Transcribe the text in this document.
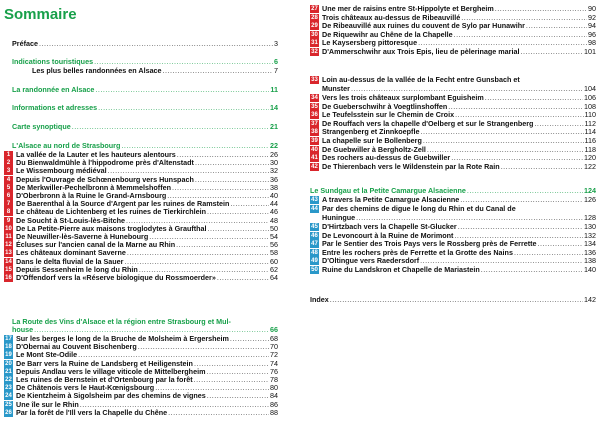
Sommaire
Préface .....	3
Indications touristiques .....	6
Les plus belles randonnées en Alsace .....	7
La randonnée en Alsace .....	11
Informations et adresses .....	14
Carte synoptique .....	21
L'Alsace au nord de Strasbourg .....	22
1 La vallée de la Lauter et les hauteurs alentours .....	26
2 Du Bienwaldmühle à l'hippodrome près d'Altenstadt .....	30
3 Le Wissembourg médiéval .....	32
4 Depuis l'Ouvrage de Schœnenbourg vers Hunspach .....	36
5 De Merkwiller-Pechelbronn à Memmelshoffen .....	38
6 D'Oberbronn à la Ruine le Grand-Arnsbourg .....	40
7 De Baerenthal à la Source d'Argent par les ruines de Ramstein .....	44
8 Le château de Lichtenberg et les ruines de Tierkirchlein .....	46
9 De Soucht à St-Louis-lès-Bitche .....	48
10 De La Petite-Pierre aux maisons troglodytes à Graufthal .....	50
11 De Neuwiller-lès-Saverne à Hunebourg .....	54
12 Écluses sur l'ancien canal de la Marne au Rhin .....	56
13 Les châteaux dominant Saverne .....	58
14 Dans le delta fluvial de la Sauer .....	60
15 Depuis Sessenheim le long du Rhin .....	62
16 D'Offendorf vers la «Réserve biologique du Rossmoerder» .....	64
La Route des Vins d'Alsace et la région entre Strasbourg et Mul-
house .....	66
17 Sur les berges le long de la Bruche de Molsheim à Ergersheim .....	68
18 D'Obernai au Couvent Bischenberg .....	70
19 Le Mont Ste-Odile .....	72
20 De Barr vers la Ruine de Landsberg et Heiligenstein .....	74
21 Depuis Andlau vers le village viticole de Mittelbergheim .....	76
22 Les ruines de Bernstein et d'Ortenbourg par la forêt .....	78
23 De Châtenois vers le Haut-Kœnigsbourg .....	80
24 De Kientzheim à Sigolsheim par des chemins de vignes .....	84
25 Une île sur le Rhin .....	86
26 Par la forêt de l'Ill vers la Chapelle du Chêne .....	88
27 Une mer de raisins entre St-Hippolyte et Bergheim .....	90
28 Trois châteaux au-dessus de Ribeauvillé .....	92
29 De Ribeauvillé aux ruines du couvent de Sylo par Hunawihr .....	94
30 De Riquewihr au Chêne de la Chapelle .....	96
31 Le Kaysersberg pittoresque .....	98
32 D'Ammerschwihr aux Trois Epis, lieu de pèlerinage marial .....	101
33 Loin au-dessus de la vallée de la Fecht entre Gunsbach et
Munster .....	104
34 Vers les trois châteaux surplombant Eguisheim .....	106
35 De Gueberschwihr à Voegtlinshoffen .....	108
36 Le Teufelsstein sur le Chemin de Croix .....	110
37 De Rouffach vers la chapelle d'Oelberg et sur le Strangenberg .....	112
38 Strangenberg et Zinnkoepfle .....	114
39 La chapelle sur le Bollenberg .....	116
40 De Guebwiller à Bergholtz-Zell .....	118
41 Des rochers au-dessus de Guebwiller .....	120
42 De Thierenbach vers le Wildenstein par la Rote Rain .....	122
Le Sundgau et la Petite Camargue Alsacienne .....	124
43 A travers la Petite Camargue Alsacienne .....	126
44 Par des chemins de digue le long du Rhin et du Canal de
Huningue .....	128
45 D'Hirtzbach vers la Chapelle St-Glucker .....	130
46 De Levoncourt à la Ruine de Morimont .....	132
47 Par le Sentier des Trois Pays vers le Rossberg près de Ferrette .....	134
48 Entre les rochers près de Ferrette et la Grotte des Nains .....	136
49 D'Oltingue vers Raedersdorf .....	138
50 Ruine du Landskron et Chapelle de Mariastein .....	140
Index .....	142
